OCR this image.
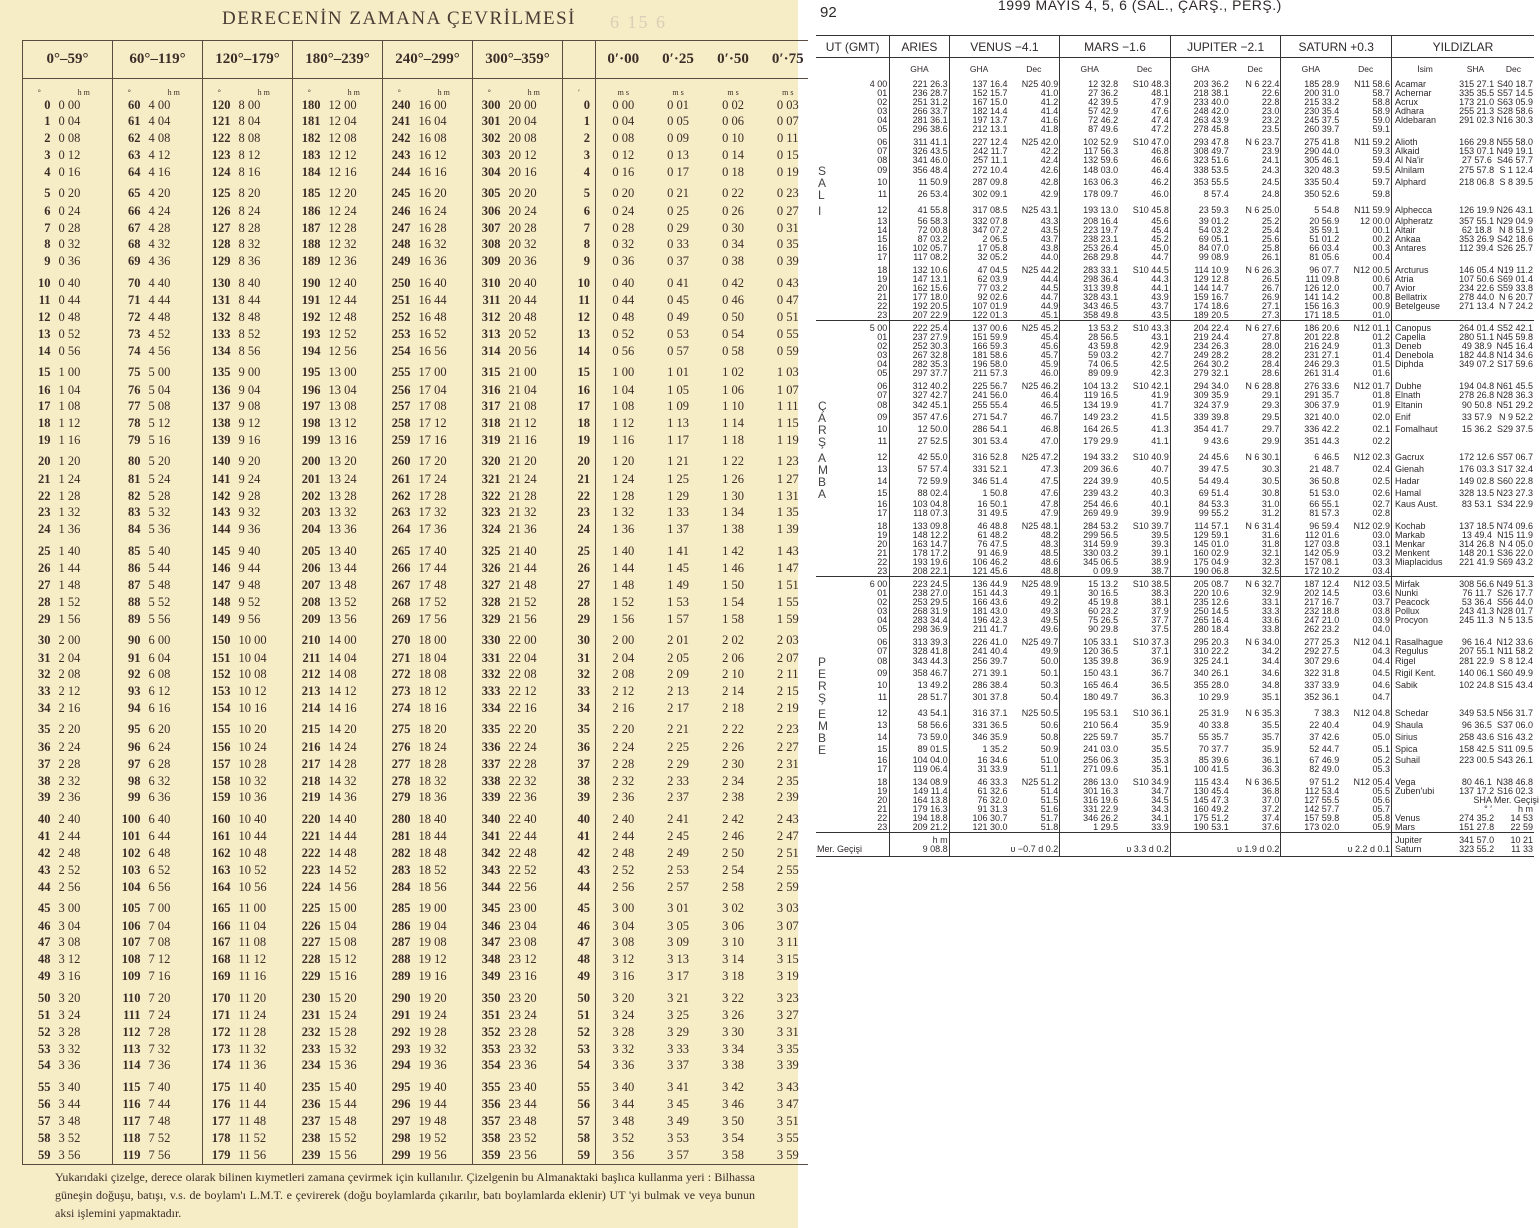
DERECENİN ZAMANA ÇEVRİLMESİ	6 15 6
0°–59°		60°–119°		120°–179°		180°–239°		240°–299°		300°–359°			0′·00	0′·25	0′·50	0′·75
°	h m	°	h m	°	h m	°	h m	°	h m	°	h m	′	m s	m s	m s	m s
0	0 00	60	4 00	120	8 00	180	12 00	240	16 00	300	20 00	0	0 00	0 01	0 02	0 03
1	0 04	61	4 04	121	8 04	181	12 04	241	16 04	301	20 04	1	0 04	0 05	0 06	0 07
2	0 08	62	4 08	122	8 08	182	12 08	242	16 08	302	20 08	2	0 08	0 09	0 10	0 11
3	0 12	63	4 12	123	8 12	183	12 12	243	16 12	303	20 12	3	0 12	0 13	0 14	0 15
4	0 16	64	4 16	124	8 16	184	12 16	244	16 16	304	20 16	4	0 16	0 17	0 18	0 19
5	0 20	65	4 20	125	8 20	185	12 20	245	16 20	305	20 20	5	0 20	0 21	0 22	0 23
6	0 24	66	4 24	126	8 24	186	12 24	246	16 24	306	20 24	6	0 24	0 25	0 26	0 27
7	0 28	67	4 28	127	8 28	187	12 28	247	16 28	307	20 28	7	0 28	0 29	0 30	0 31
8	0 32	68	4 32	128	8 32	188	12 32	248	16 32	308	20 32	8	0 32	0 33	0 34	0 35
9	0 36	69	4 36	129	8 36	189	12 36	249	16 36	309	20 36	9	0 36	0 37	0 38	0 39
10	0 40	70	4 40	130	8 40	190	12 40	250	16 40	310	20 40	10	0 40	0 41	0 42	0 43
11	0 44	71	4 44	131	8 44	191	12 44	251	16 44	311	20 44	11	0 44	0 45	0 46	0 47
12	0 48	72	4 48	132	8 48	192	12 48	252	16 48	312	20 48	12	0 48	0 49	0 50	0 51
13	0 52	73	4 52	133	8 52	193	12 52	253	16 52	313	20 52	13	0 52	0 53	0 54	0 55
14	0 56	74	4 56	134	8 56	194	12 56	254	16 56	314	20 56	14	0 56	0 57	0 58	0 59
15	1 00	75	5 00	135	9 00	195	13 00	255	17 00	315	21 00	15	1 00	1 01	1 02	1 03
16	1 04	76	5 04	136	9 04	196	13 04	256	17 04	316	21 04	16	1 04	1 05	1 06	1 07
17	1 08	77	5 08	137	9 08	197	13 08	257	17 08	317	21 08	17	1 08	1 09	1 10	1 11
18	1 12	78	5 12	138	9 12	198	13 12	258	17 12	318	21 12	18	1 12	1 13	1 14	1 15
19	1 16	79	5 16	139	9 16	199	13 16	259	17 16	319	21 16	19	1 16	1 17	1 18	1 19
20	1 20	80	5 20	140	9 20	200	13 20	260	17 20	320	21 20	20	1 20	1 21	1 22	1 23
21	1 24	81	5 24	141	9 24	201	13 24	261	17 24	321	21 24	21	1 24	1 25	1 26	1 27
22	1 28	82	5 28	142	9 28	202	13 28	262	17 28	322	21 28	22	1 28	1 29	1 30	1 31
23	1 32	83	5 32	143	9 32	203	13 32	263	17 32	323	21 32	23	1 32	1 33	1 34	1 35
24	1 36	84	5 36	144	9 36	204	13 36	264	17 36	324	21 36	24	1 36	1 37	1 38	1 39
25	1 40	85	5 40	145	9 40	205	13 40	265	17 40	325	21 40	25	1 40	1 41	1 42	1 43
26	1 44	86	5 44	146	9 44	206	13 44	266	17 44	326	21 44	26	1 44	1 45	1 46	1 47
27	1 48	87	5 48	147	9 48	207	13 48	267	17 48	327	21 48	27	1 48	1 49	1 50	1 51
28	1 52	88	5 52	148	9 52	208	13 52	268	17 52	328	21 52	28	1 52	1 53	1 54	1 55
29	1 56	89	5 56	149	9 56	209	13 56	269	17 56	329	21 56	29	1 56	1 57	1 58	1 59
30	2 00	90	6 00	150	10 00	210	14 00	270	18 00	330	22 00	30	2 00	2 01	2 02	2 03
31	2 04	91	6 04	151	10 04	211	14 04	271	18 04	331	22 04	31	2 04	2 05	2 06	2 07
32	2 08	92	6 08	152	10 08	212	14 08	272	18 08	332	22 08	32	2 08	2 09	2 10	2 11
33	2 12	93	6 12	153	10 12	213	14 12	273	18 12	333	22 12	33	2 12	2 13	2 14	2 15
34	2 16	94	6 16	154	10 16	214	14 16	274	18 16	334	22 16	34	2 16	2 17	2 18	2 19
35	2 20	95	6 20	155	10 20	215	14 20	275	18 20	335	22 20	35	2 20	2 21	2 22	2 23
36	2 24	96	6 24	156	10 24	216	14 24	276	18 24	336	22 24	36	2 24	2 25	2 26	2 27
37	2 28	97	6 28	157	10 28	217	14 28	277	18 28	337	22 28	37	2 28	2 29	2 30	2 31
38	2 32	98	6 32	158	10 32	218	14 32	278	18 32	338	22 32	38	2 32	2 33	2 34	2 35
39	2 36	99	6 36	159	10 36	219	14 36	279	18 36	339	22 36	39	2 36	2 37	2 38	2 39
40	2 40	100	6 40	160	10 40	220	14 40	280	18 40	340	22 40	40	2 40	2 41	2 42	2 43
41	2 44	101	6 44	161	10 44	221	14 44	281	18 44	341	22 44	41	2 44	2 45	2 46	2 47
42	2 48	102	6 48	162	10 48	222	14 48	282	18 48	342	22 48	42	2 48	2 49	2 50	2 51
43	2 52	103	6 52	163	10 52	223	14 52	283	18 52	343	22 52	43	2 52	2 53	2 54	2 55
44	2 56	104	6 56	164	10 56	224	14 56	284	18 56	344	22 56	44	2 56	2 57	2 58	2 59
45	3 00	105	7 00	165	11 00	225	15 00	285	19 00	345	23 00	45	3 00	3 01	3 02	3 03
46	3 04	106	7 04	166	11 04	226	15 04	286	19 04	346	23 04	46	3 04	3 05	3 06	3 07
47	3 08	107	7 08	167	11 08	227	15 08	287	19 08	347	23 08	47	3 08	3 09	3 10	3 11
48	3 12	108	7 12	168	11 12	228	15 12	288	19 12	348	23 12	48	3 12	3 13	3 14	3 15
49	3 16	109	7 16	169	11 16	229	15 16	289	19 16	349	23 16	49	3 16	3 17	3 18	3 19
50	3 20	110	7 20	170	11 20	230	15 20	290	19 20	350	23 20	50	3 20	3 21	3 22	3 23
51	3 24	111	7 24	171	11 24	231	15 24	291	19 24	351	23 24	51	3 24	3 25	3 26	3 27
52	3 28	112	7 28	172	11 28	232	15 28	292	19 28	352	23 28	52	3 28	3 29	3 30	3 31
53	3 32	113	7 32	173	11 32	233	15 32	293	19 32	353	23 32	53	3 32	3 33	3 34	3 35
54	3 36	114	7 36	174	11 36	234	15 36	294	19 36	354	23 36	54	3 36	3 37	3 38	3 39
55	3 40	115	7 40	175	11 40	235	15 40	295	19 40	355	23 40	55	3 40	3 41	3 42	3 43
56	3 44	116	7 44	176	11 44	236	15 44	296	19 44	356	23 44	56	3 44	3 45	3 46	3 47
57	3 48	117	7 48	177	11 48	237	15 48	297	19 48	357	23 48	57	3 48	3 49	3 50	3 51
58	3 52	118	7 52	178	11 52	238	15 52	298	19 52	358	23 52	58	3 52	3 53	3 54	3 55
59	3 56	119	7 56	179	11 56	239	15 56	299	19 56	359	23 56	59	3 56	3 57	3 58	3 59
Yukarıdaki çizelge, derece olarak bilinen kıymetleri zamana çevirmek için kullanılır. Çizelgenin bu Almanaktaki başlıca kullanma yeri : Bilhassa güneşin doğuşu, batışı, v.s. de boylam'ı L.M.T. e çevirerek (doğu boylamlarda çıkarılır, batı boylamlarda eklenir) UT 'yi bulmak ve veya bunun aksi işlemini yapmaktadır.
92	1999 MAYIS 4, 5, 6 (SAL., ÇARŞ., PERŞ.)
UT (GMT)		ARIES	VENUS −4.1		MARS −1.6		JUPITER −2.1		SATURN +0.3		YILDIZLAR		
		GHA	GHA	Dec	GHA	Dec	GHA	Dec	GHA	Dec	İsim	SHA	Dec
	4 00	221 26.3	137 16.4	N25 40.9	12 32.8	S10 48.3	203 36.2	N 6 22.4	185 28.9	N11 58.6	Acamar	315 27.1	S40 18.7
	01	236 28.7	152 15.7	41.0	27 36.2	48.1	218 38.1	22.6	200 31.0	58.7	Achernar	335 35.5	S57 14.5
	02	251 31.2	167 15.0	41.2	42 39.5	47.9	233 40.0	22.8	215 33.2	58.8	Acrux	173 21.0	S63 05.9
	03	266 33.7	182 14.4	41.4	57 42.9	47.6	248 42.0	23.0	230 35.4	58.9	Adhara	255 21.3	S28 58.6
	04	281 36.1	197 13.7	41.6	72 46.2	47.4	263 43.9	23.2	245 37.5	59.0	Aldebaran	291 02.3	N16 30.3
	05	296 38.6	212 13.1	41.8	87 49.6	47.2	278 45.8	23.5	260 39.7	59.1			
	06	311 41.1	227 12.4	N25 42.0	102 52.9	S10 47.0	293 47.8	N 6 23.7	275 41.8	N11 59.2	Alioth	166 29.8	N55 58.0
	07	326 43.5	242 11.7	42.2	117 56.3	46.8	308 49.7	23.9	290 44.0	59.3	Alkaid	153 07.1	N49 19.1
	08	341 46.0	257 11.1	42.4	132 59.6	46.6	323 51.6	24.1	305 46.1	59.4	Al Na'ir	27 57.6	S46 57.7
S	09	356 48.4	272 10.4	42.6	148 03.0	46.4	338 53.5	24.3	320 48.3	59.5	Alnilam	275 57.8	S 1 12.4
A	10	11 50.9	287 09.8	42.8	163 06.3	46.2	353 55.5	24.5	335 50.4	59.7	Alphard	218 06.8	S 8 39.5
L	11	26 53.4	302 09.1	42.9	178 09.7	46.0	8 57.4	24.8	350 52.6	59.8			
I	12	41 55.8	317 08.5	N25 43.1	193 13.0	S10 45.8	23 59.3	N 6 25.0	5 54.8	N11 59.9	Alphecca	126 19.9	N26 43.1
	13	56 58.3	332 07.8	43.3	208 16.4	45.6	39 01.2	25.2	20 56.9	12 00.0	Alpheratz	357 55.1	N29 04.9
	14	72 00.8	347 07.2	43.5	223 19.7	45.4	54 03.2	25.4	35 59.1	00.1	Altair	62 18.8	N 8 51.9
	15	87 03.2	2 06.5	43.7	238 23.1	45.2	69 05.1	25.6	51 01.2	00.2	Ankaa	353 26.9	S42 18.6
	16	102 05.7	17 05.8	43.8	253 26.4	45.0	84 07.0	25.8	66 03.4	00.3	Antares	112 39.4	S26 25.7
	17	117 08.2	32 05.2	44.0	268 29.8	44.7	99 08.9	26.1	81 05.6	00.4			
	18	132 10.6	47 04.5	N25 44.2	283 33.1	S10 44.5	114 10.9	N 6 26.3	96 07.7	N12 00.5	Arcturus	146 05.4	N19 11.2
	19	147 13.1	62 03.9	44.4	298 36.4	44.3	129 12.8	26.5	111 09.8	00.6	Atria	107 50.6	S69 01.4
	20	162 15.6	77 03.2	44.5	313 39.8	44.1	144 14.7	26.7	126 12.0	00.7	Avior	234 22.6	S59 33.8
	21	177 18.0	92 02.6	44.7	328 43.1	43.9	159 16.7	26.9	141 14.2	00.8	Bellatrix	278 44.0	N 6 20.7
	22	192 20.5	107 01.9	44.9	343 46.5	43.7	174 18.6	27.1	156 16.3	00.9	Betelgeuse	271 13.4	N 7 24.2
	23	207 22.9	122 01.3	45.1	358 49.8	43.5	189 20.5	27.3	171 18.5	01.0			
	5 00	222 25.4	137 00.6	N25 45.2	13 53.2	S10 43.3	204 22.4	N 6 27.6	186 20.6	N12 01.1	Canopus	264 01.4	S52 42.1
	01	237 27.9	151 59.9	45.4	28 56.5	43.1	219 24.4	27.8	201 22.8	01.2	Capella	280 51.1	N45 59.8
	02	252 30.3	166 59.3	45.6	43 59.8	42.9	234 26.3	28.0	216 24.9	01.3	Deneb	49 38.9	N45 16.4
	03	267 32.8	181 58.6	45.7	59 03.2	42.7	249 28.2	28.2	231 27.1	01.4	Denebola	182 44.8	N14 34.6
	04	282 35.3	196 58.0	45.9	74 06.5	42.5	264 30.2	28.4	246 29.3	01.5	Diphda	349 07.2	S17 59.6
	05	297 37.7	211 57.3	46.0	89 09.9	42.3	279 32.1	28.6	261 31.4	01.6			
	06	312 40.2	225 56.7	N25 46.2	104 13.2	S10 42.1	294 34.0	N 6 28.8	276 33.6	N12 01.7	Dubhe	194 04.8	N61 45.5
	07	327 42.7	241 56.0	46.4	119 16.5	41.9	309 35.9	29.1	291 35.7	01.8	Elnath	278 26.8	N28 36.3
Ç	08	342 45.1	255 55.4	46.5	134 19.9	41.7	324 37.9	29.3	306 37.9	01.9	Eltanin	90 50.8	N51 29.2
A	09	357 47.6	271 54.7	46.7	149 23.2	41.5	339 39.8	29.5	321 40.0	02.0	Enif	33 57.9	N 9 52.2
R	10	12 50.0	286 54.1	46.8	164 26.5	41.3	354 41.7	29.7	336 42.2	02.1	Fomalhaut	15 36.2	S29 37.5
Ş	11	27 52.5	301 53.4	47.0	179 29.9	41.1	9 43.6	29.9	351 44.3	02.2			
A	12	42 55.0	316 52.8	N25 47.2	194 33.2	S10 40.9	24 45.6	N 6 30.1	6 46.5	N12 02.3	Gacrux	172 12.6	S57 06.7
M	13	57 57.4	331 52.1	47.3	209 36.6	40.7	39 47.5	30.3	21 48.7	02.4	Gienah	176 03.3	S17 32.4
B	14	72 59.9	346 51.4	47.5	224 39.9	40.5	54 49.4	30.5	36 50.8	02.5	Hadar	149 02.8	S60 22.8
A	15	88 02.4	1 50.8	47.6	239 43.2	40.3	69 51.4	30.8	51 53.0	02.6	Hamal	328 13.5	N23 27.3
	16	103 04.8	16 50.1	47.8	254 46.6	40.1	84 53.3	31.0	66 55.1	02.7	Kaus Aust.	83 53.1	S34 22.9
	17	118 07.3	31 49.5	47.9	269 49.9	39.9	99 55.2	31.2	81 57.3	02.8			
	18	133 09.8	46 48.8	N25 48.1	284 53.2	S10 39.7	114 57.1	N 6 31.4	96 59.4	N12 02.9	Kochab	137 18.5	N74 09.6
	19	148 12.2	61 48.2	48.2	299 56.5	39.5	129 59.1	31.6	112 01.6	03.0	Markab	13 49.4	N15 11.9
	20	163 14.7	76 47.5	48.3	314 59.9	39.3	145 01.0	31.8	127 03.8	03.1	Menkar	314 26.8	N 4 05.0
	21	178 17.2	91 46.9	48.5	330 03.2	39.1	160 02.9	32.1	142 05.9	03.2	Menkent	148 20.1	S36 22.0
	22	193 19.6	106 46.2	48.6	345 06.5	38.9	175 04.9	32.3	157 08.1	03.3	Miaplacidus	221 41.9	S69 43.2
	23	208 22.1	121 45.6	48.8	0 09.9	38.7	190 06.8	32.5	172 10.2	03.4			
	6 00	223 24.5	136 44.9	N25 48.9	15 13.2	S10 38.5	205 08.7	N 6 32.7	187 12.4	N12 03.5	Mirfak	308 56.6	N49 51.3
	01	238 27.0	151 44.3	49.1	30 16.5	38.3	220 10.6	32.9	202 14.5	03.6	Nunki	76 11.7	S26 17.7
	02	253 29.5	166 43.6	49.2	45 19.8	38.1	235 12.6	33.1	217 16.7	03.7	Peacock	53 36.4	S56 44.0
	03	268 31.9	181 43.0	49.3	60 23.2	37.9	250 14.5	33.3	232 18.8	03.8	Pollux	243 41.3	N28 01.7
	04	283 34.4	196 42.3	49.5	75 26.5	37.7	265 16.4	33.6	247 21.0	03.9	Procyon	245 11.3	N 5 13.5
	05	298 36.9	211 41.7	49.6	90 29.8	37.5	280 18.4	33.8	262 23.2	04.0			
	06	313 39.3	226 41.0	N25 49.7	105 33.1	S10 37.3	295 20.3	N 6 34.0	277 25.3	N12 04.1	Rasalhague	96 16.4	N12 33.6
	07	328 41.8	241 40.4	49.9	120 36.5	37.1	310 22.2	34.2	292 27.5	04.3	Regulus	207 55.1	N11 58.2
P	08	343 44.3	256 39.7	50.0	135 39.8	36.9	325 24.1	34.4	307 29.6	04.4	Rigel	281 22.9	S 8 12.4
E	09	358 46.7	271 39.1	50.1	150 43.1	36.7	340 26.1	34.6	322 31.8	04.5	Rigil Kent.	140 06.1	S60 49.9
R	10	13 49.2	286 38.4	50.3	165 46.4	36.5	355 28.0	34.8	337 33.9	04.6	Sabik	102 24.8	S15 43.4
Ş	11	28 51.7	301 37.8	50.4	180 49.7	36.3	10 29.9	35.1	352 36.1	04.7			
E	12	43 54.1	316 37.1	N25 50.5	195 53.1	S10 36.1	25 31.9	N 6 35.3	7 38.3	N12 04.8	Schedar	349 53.5	N56 31.7
M	13	58 56.6	331 36.5	50.6	210 56.4	35.9	40 33.8	35.5	22 40.4	04.9	Shaula	96 36.5	S37 06.0
B	14	73 59.0	346 35.9	50.8	225 59.7	35.7	55 35.7	35.7	37 42.6	05.0	Sirius	258 43.6	S16 43.2
E	15	89 01.5	1 35.2	50.9	241 03.0	35.5	70 37.7	35.9	52 44.7	05.1	Spica	158 42.5	S11 09.5
	16	104 04.0	16 34.6	51.0	256 06.3	35.3	85 39.6	36.1	67 46.9	05.2	Suhail	223 00.5	S43 26.1
	17	119 06.4	31 33.9	51.1	271 09.6	35.1	100 41.5	36.3	82 49.0	05.3			
	18	134 08.9	46 33.3	N25 51.2	286 13.0	S10 34.9	115 43.4	N 6 36.5	97 51.2	N12 05.4	Vega	80 46.1	N38 46.8
	19	149 11.4	61 32.6	51.4	301 16.3	34.7	130 45.4	36.8	112 53.4	05.5	Zuben'ubi	137 17.2	S16 02.3
	20	164 13.8	76 32.0	51.5	316 19.6	34.5	145 47.3	37.0	127 55.5	05.6		SHA	Mer. Geçişi
	21	179 16.3	91 31.3	51.6	331 22.9	34.3	160 49.2	37.2	142 57.7	05.7		° ′	h m
	22	194 18.8	106 30.7	51.7	346 26.2	34.1	175 51.2	37.4	157 59.8	05.8	Venus	274 35.2	14 53
	23	209 21.2	121 30.0	51.8	1 29.5	33.9	190 53.1	37.6	173 02.0	05.9	Mars	151 27.8	22 59
		h m									Jupiter	341 57.0	10 21
Mer. Geçişi		9 08.8	υ −0.7 d 0.2		υ 3.3 d 0.2		υ 1.9 d 0.2		υ 2.2 d 0.1		Saturn	323 55.2	11 33
